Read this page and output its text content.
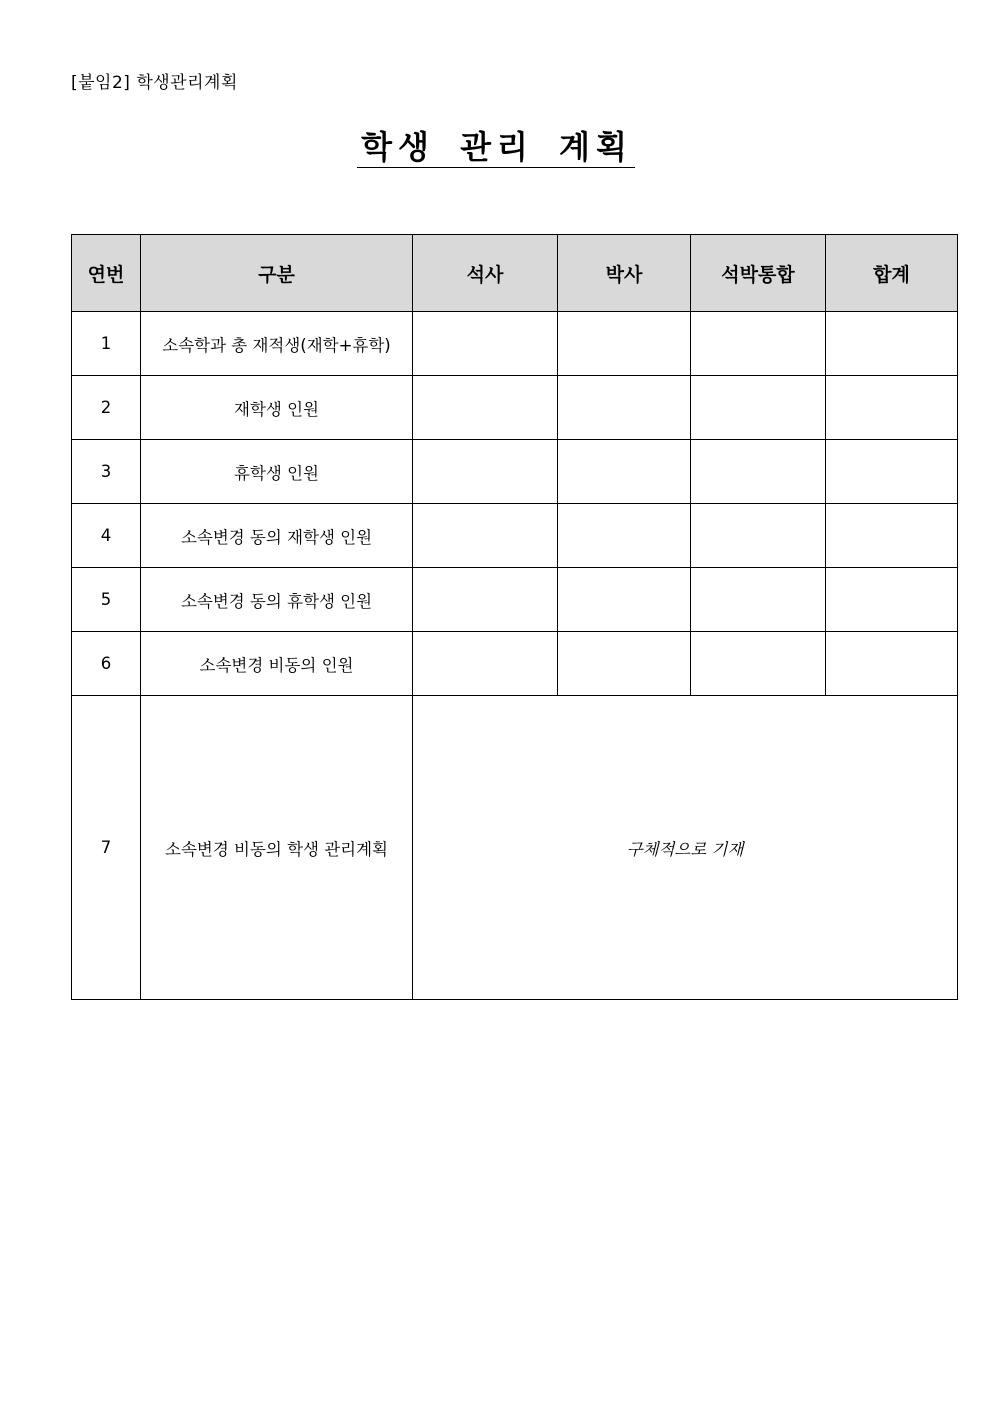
[붙임2] 학생관리계획
학생 관리 계획
연번	구분	석사	박사	석박통합	합계
1	소속학과 총 재적생(재학+휴학)				
2	재학생 인원				
3	휴학생 인원				
4	소속변경 동의 재학생 인원				
5	소속변경 동의 휴학생 인원				
6	소속변경 비동의 인원				
7	소속변경 비동의 학생 관리계획	구체적으로 기재			
